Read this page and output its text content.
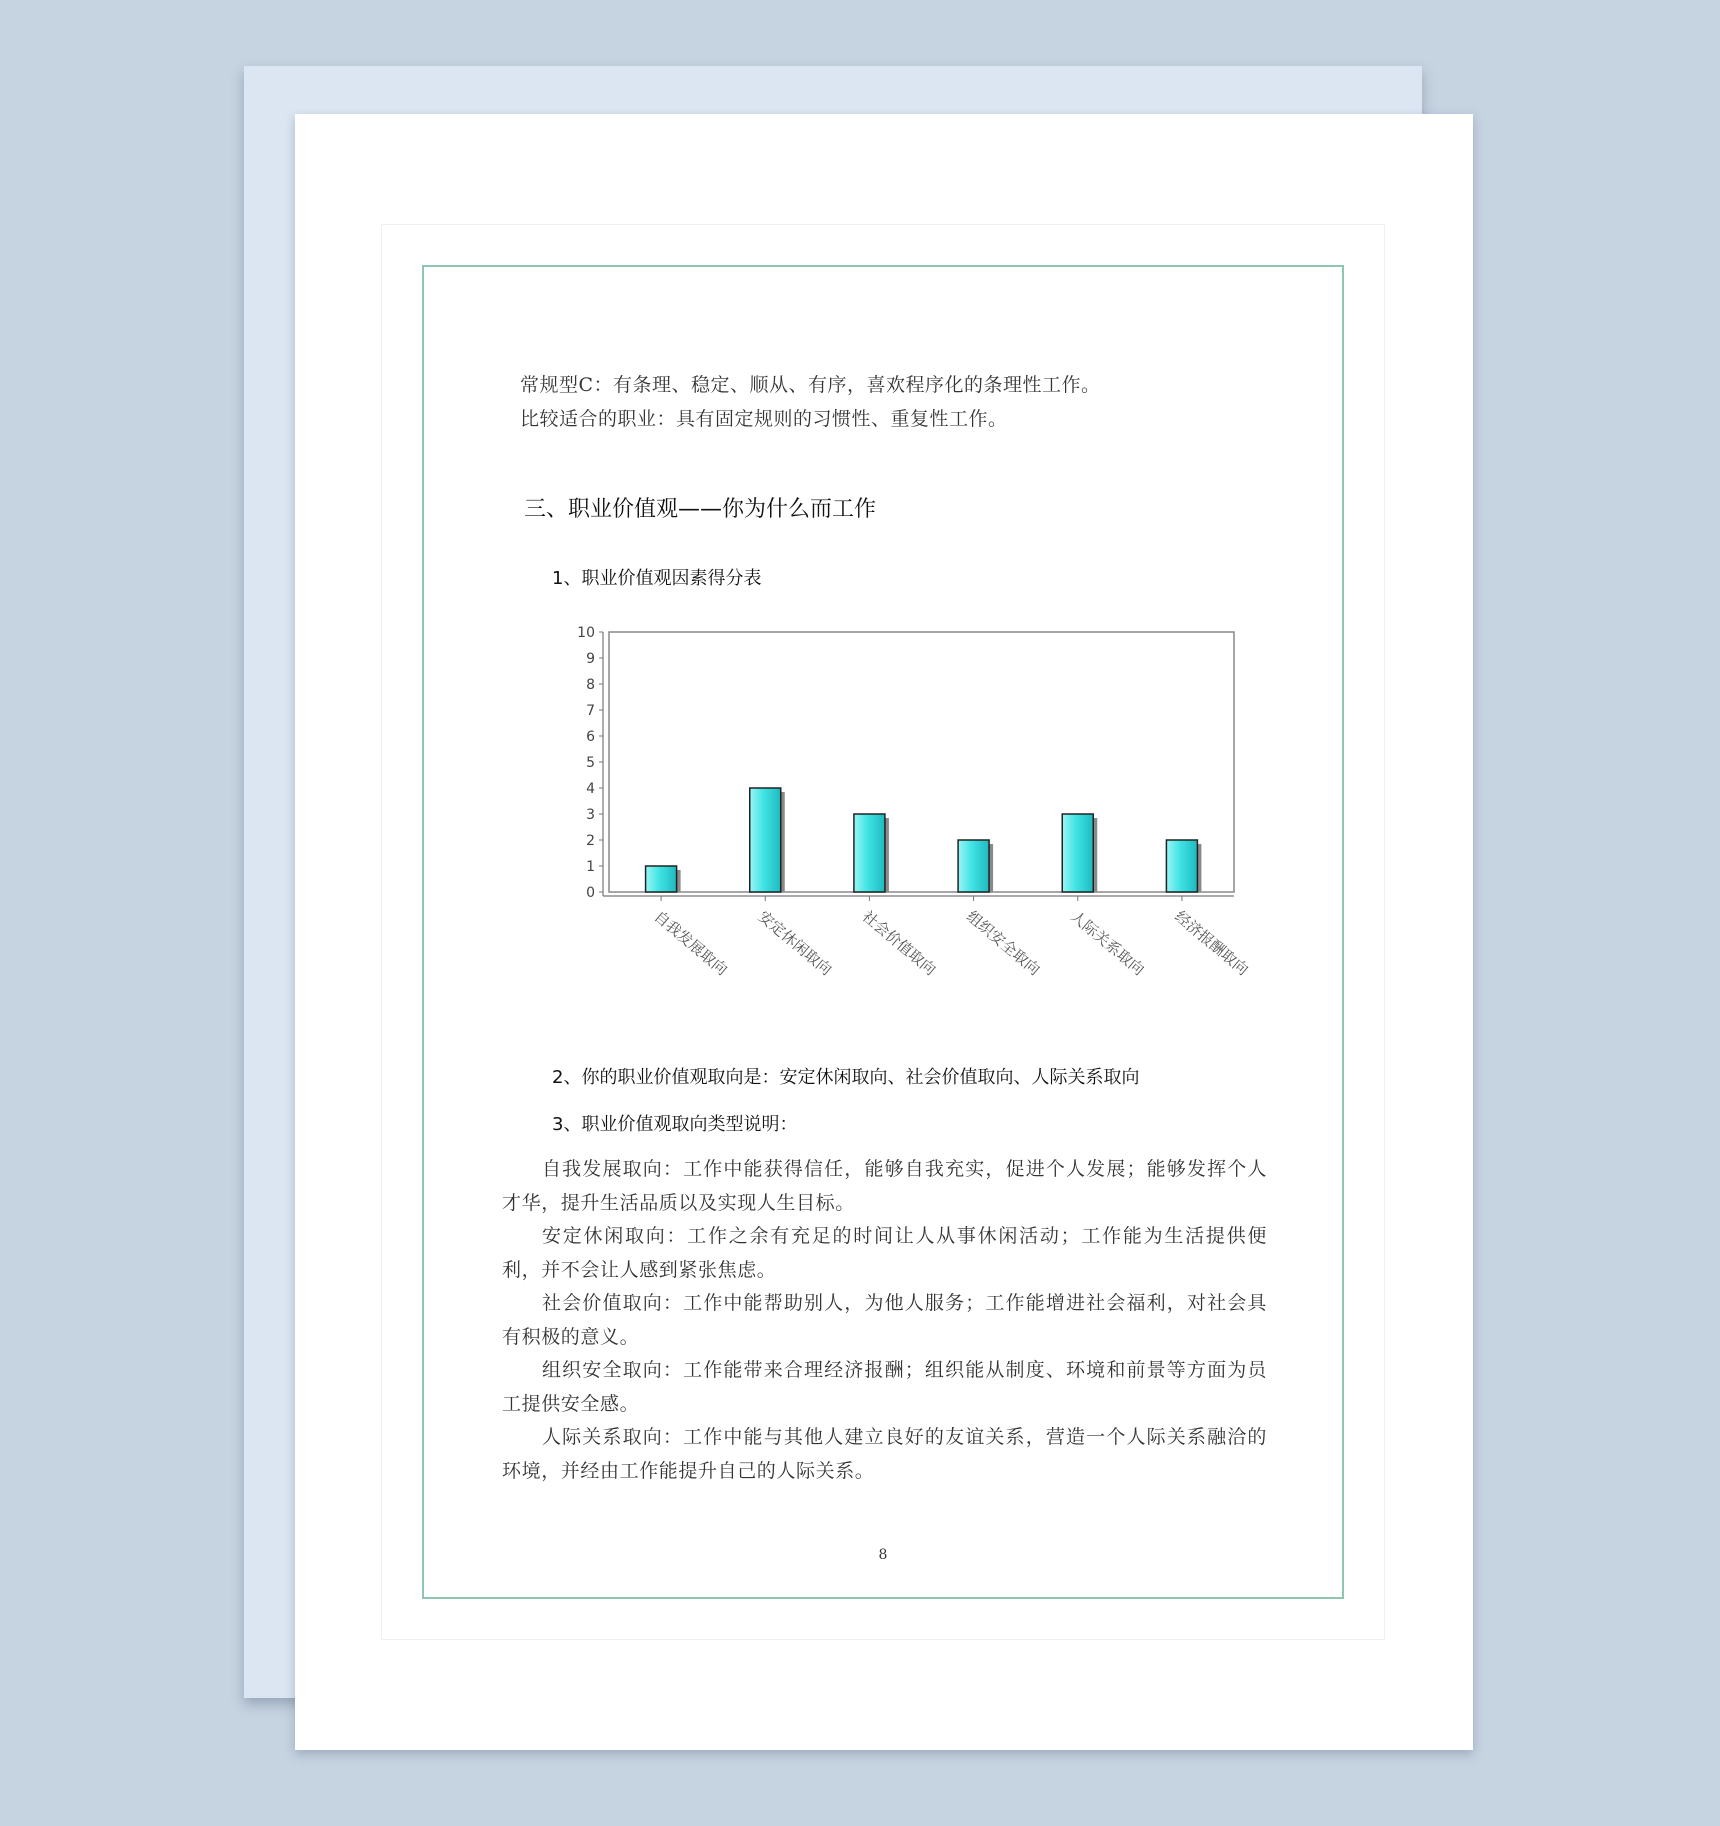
常规型C：有条理、稳定、顺从、有序，喜欢程序化的条理性工作。
比较适合的职业：具有固定规则的习惯性、重复性工作。
三、职业价值观——你为什么而工作
1、职业价值观因素得分表
0
1
2
3
4
5
6
7
8
9
10
自我发展取向 安定休闲取向 社会价值取向 组织安全取向 人际关系取向 经济报酬取向
2、你的职业价值观取向是：安定休闲取向、社会价值取向、人际关系取向
3、职业价值观取向类型说明：
自我发展取向：工作中能获得信任，能够自我充实，促进个人发展；能够发挥个人才华，提升生活品质以及实现人生目标。
安定休闲取向：工作之余有充足的时间让人从事休闲活动；工作能为生活提供便利，并不会让人感到紧张焦虑。
社会价值取向：工作中能帮助别人，为他人服务；工作能增进社会福利，对社会具有积极的意义。
组织安全取向：工作能带来合理经济报酬；组织能从制度、环境和前景等方面为员工提供安全感。
人际关系取向：工作中能与其他人建立良好的友谊关系，营造一个人际关系融洽的环境，并经由工作能提升自己的人际关系。
8
